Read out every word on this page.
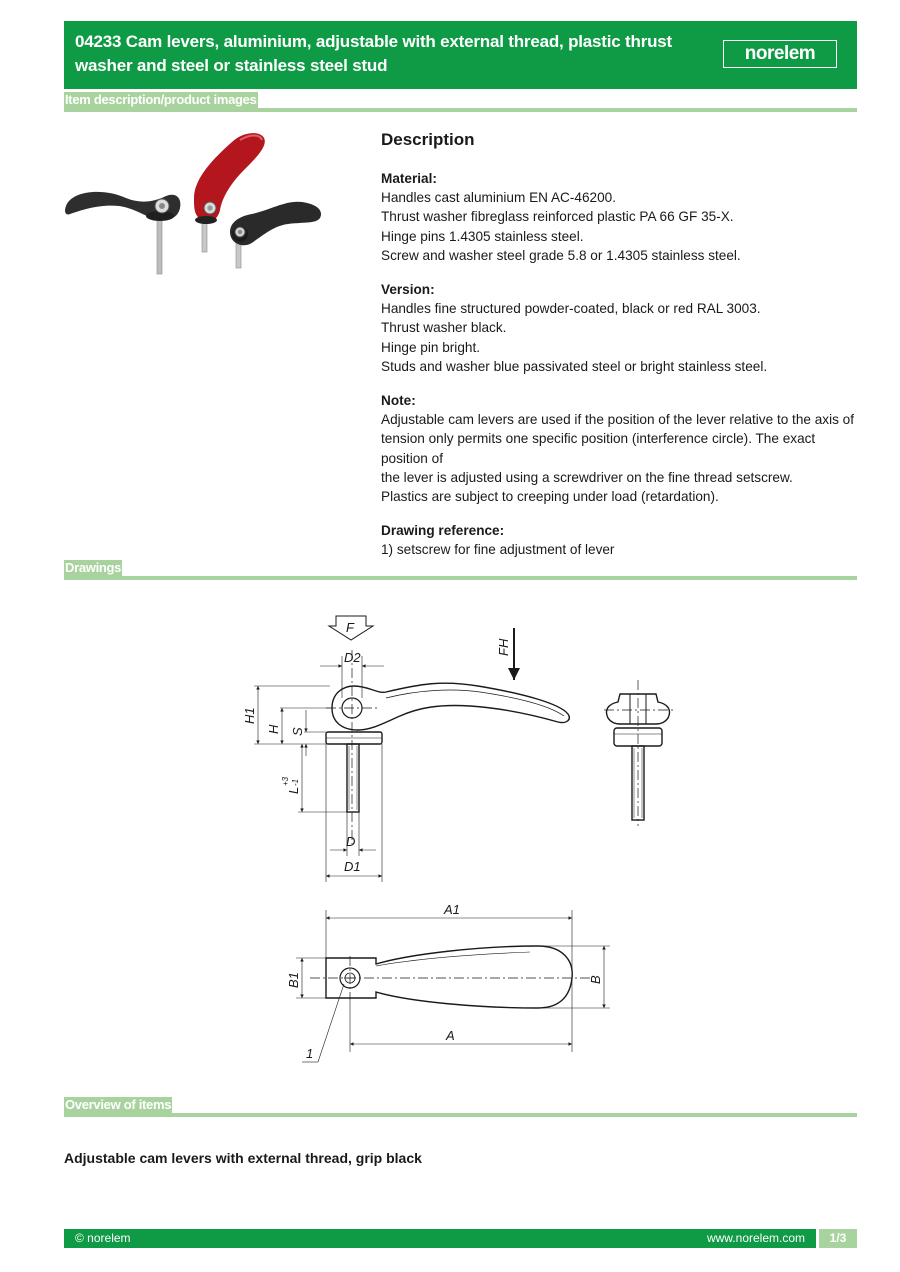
04233 Cam levers, aluminium, adjustable with external thread, plastic thrust
washer and steel or stainless steel stud
norelem
Item description/product images
Description
Material:
Handles cast aluminium EN AC-46200.
Thrust washer fibreglass reinforced plastic PA 66 GF 35-X.
Hinge pins 1.4305 stainless steel.
Screw and washer steel grade 5.8 or 1.4305 stainless steel.
Version:
Handles fine structured powder-coated, black or red RAL 3003.
Thrust washer black.
Hinge pin bright.
Studs and washer blue passivated steel or bright stainless steel.
Note:
Adjustable cam levers are used if the position of the lever relative to the axis of
tension only permits one specific position (interference circle). The exact position of
the lever is adjusted using a screwdriver on the fine thread setscrew.
Plastics are subject to creeping under load (retardation).
Drawing reference:
1) setscrew for fine adjustment of lever
Drawings
F
FH
D2
H1
H S
L
+3 -1
D
D1
A1
B1	B
A
1
Overview of items
Adjustable cam levers with external thread, grip black
© norelem	www.norelem.com	1/3
